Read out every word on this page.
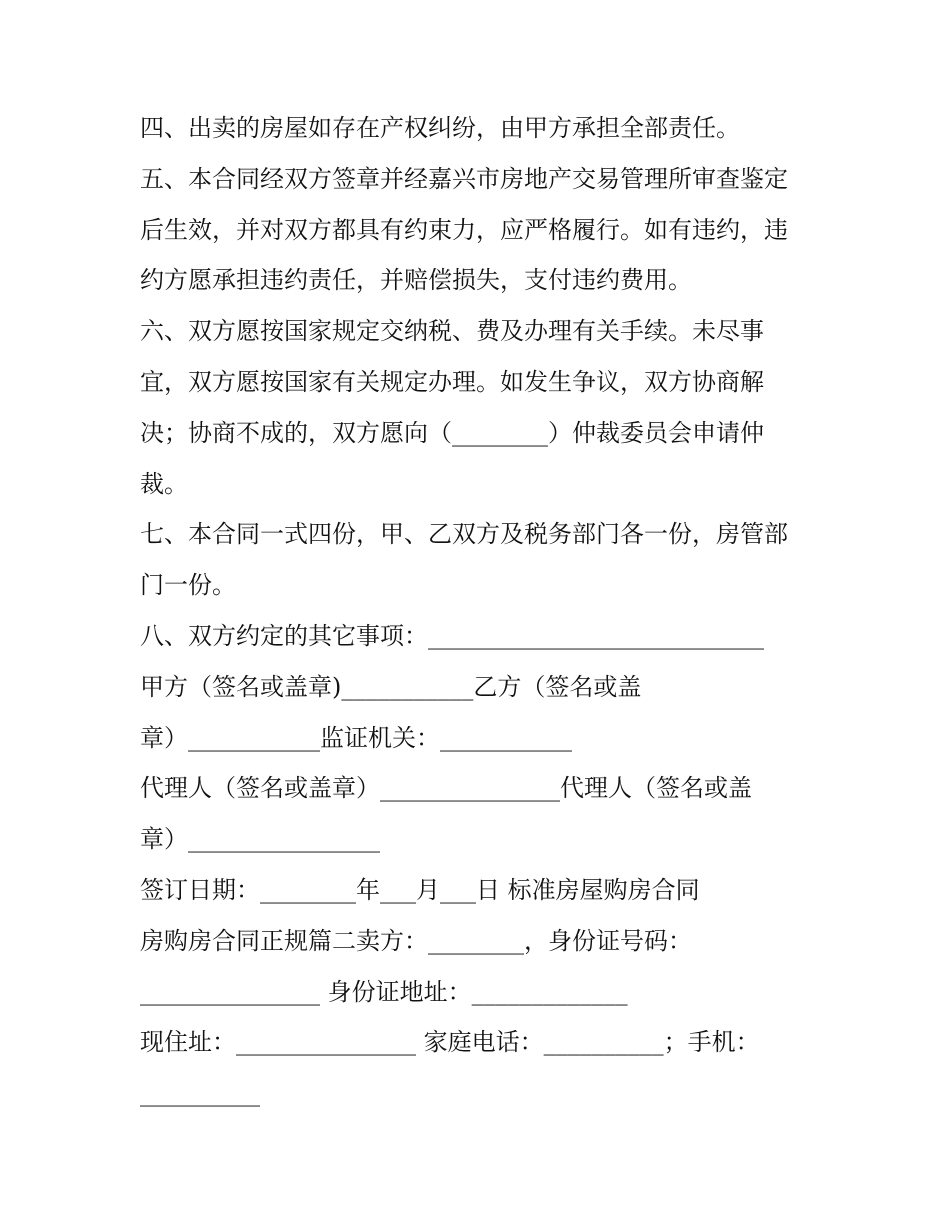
四、出卖的房屋如存在产权纠纷，由甲方承担全部责任。
五、本合同经双方签章并经嘉兴市房地产交易管理所审查鉴定
后生效，并对双方都具有约束力，应严格履行。如有违约，违
约方愿承担违约责任，并赔偿损失，支付违约费用。
六、双方愿按国家规定交纳税、费及办理有关手续。未尽事
宜，双方愿按国家有关规定办理。如发生争议，双方协商解
决；协商不成的，双方愿向（________）仲裁委员会申请仲
裁。
七、本合同一式四份，甲、乙双方及税务部门各一份，房管部
门一份。
八、双方约定的其它事项：____________________________
甲方（签名或盖章)___________乙方（签名或盖
章）___________监证机关：___________
代理人（签名或盖章）_______________代理人（签名或盖
章）________________
签订日期：________年___月___日 标准房屋购房合同
房购房合同正规篇二卖方：________，身份证号码：
_______________ 身份证地址：_____________
现住址：_______________ 家庭电话：__________；手机：
__________
